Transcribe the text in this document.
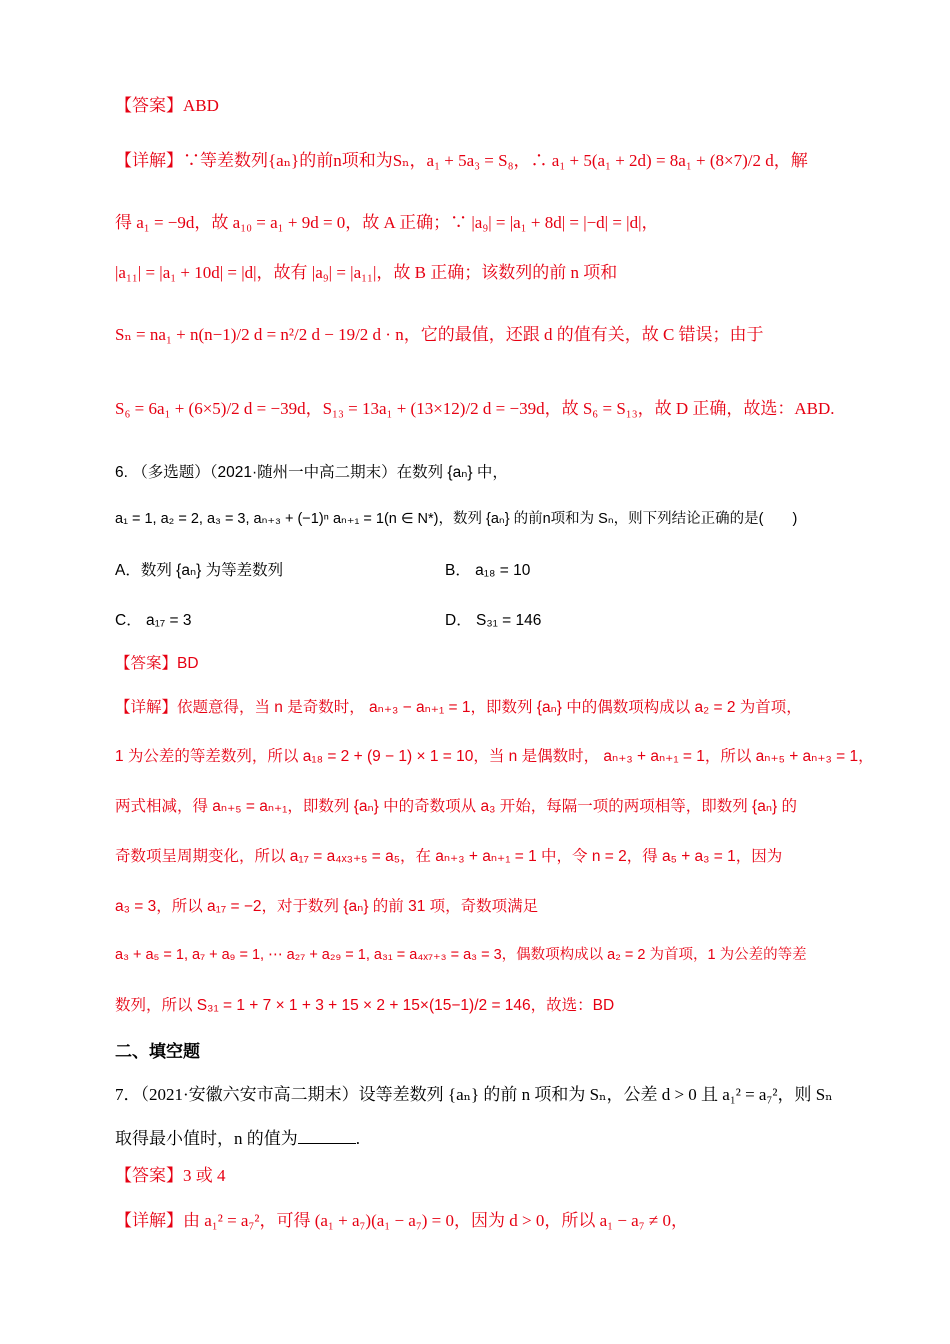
【答案】ABD
【详解】∵等差数列{aₙ}的前n项和为Sₙ，a₁ + 5a₃ = S₈，∴ a₁ + 5(a₁ + 2d) = 8a₁ + (8×7)/2 d，解
得 a₁ = −9d，故 a₁₀ = a₁ + 9d = 0，故 A 正确；∵ |a₉| = |a₁ + 8d| = |−d| = |d|，
|a₁₁| = |a₁ + 10d| = |d|，故有 |a₉| = |a₁₁|，故 B 正确；该数列的前 n 项和
Sₙ = na₁ + n(n−1)/2 d = n²/2 d − 19/2 d · n，它的最值，还跟 d 的值有关，故 C 错误；由于
S₆ = 6a₁ + (6×5)/2 d = −39d，S₁₃ = 13a₁ + (13×12)/2 d = −39d，故 S₆ = S₁₃，故 D 正确，故选：ABD.
6. （多选题）（2021·随州一中高二期末）在数列 {aₙ} 中，
a₁ = 1, a₂ = 2, a₃ = 3, aₙ₊₃ + (−1)ⁿ aₙ₊₁ = 1(n ∈ N*)，数列 {aₙ} 的前n项和为 Sₙ，则下列结论正确的是(　　)
A．数列 {aₙ} 为等差数列	B． a₁₈ = 10
C． a₁₇ = 3	D． S₃₁ = 146
【答案】BD
【详解】依题意得，当 n 是奇数时， aₙ₊₃ − aₙ₊₁ = 1，即数列 {aₙ} 中的偶数项构成以 a₂ = 2 为首项，
1 为公差的等差数列，所以 a₁₈ = 2 + (9 − 1) × 1 = 10，当 n 是偶数时， aₙ₊₃ + aₙ₊₁ = 1，所以 aₙ₊₅ + aₙ₊₃ = 1，
两式相减，得 aₙ₊₅ = aₙ₊₁，即数列 {aₙ} 中的奇数项从 a₃ 开始，每隔一项的两项相等，即数列 {aₙ} 的
奇数项呈周期变化，所以 a₁₇ = a₄ₓ₃₊₅ = a₅，在 aₙ₊₃ + aₙ₊₁ = 1 中，令 n = 2，得 a₅ + a₃ = 1，因为
a₃ = 3，所以 a₁₇ = −2，对于数列 {aₙ} 的前 31 项，奇数项满足
a₃ + a₅ = 1, a₇ + a₉ = 1, ⋯ a₂₇ + a₂₉ = 1, a₃₁ = a₄ₓ₇₊₃ = a₃ = 3，偶数项构成以 a₂ = 2 为首项，1 为公差的等差
数列，所以 S₃₁ = 1 + 7 × 1 + 3 + 15 × 2 + 15×(15−1)/2 = 146，故选：BD
二、填空题
7．（2021·安徽六安市高二期末）设等差数列 {aₙ} 的前 n 项和为 Sₙ，公差 d > 0 且 a₁² = a₇²，则 Sₙ
取得最小值时，n 的值为	.
【答案】3 或 4
【详解】由 a₁² = a₇²，可得 (a₁ + a₇)(a₁ − a₇) = 0，因为 d > 0，所以 a₁ − a₇ ≠ 0，
